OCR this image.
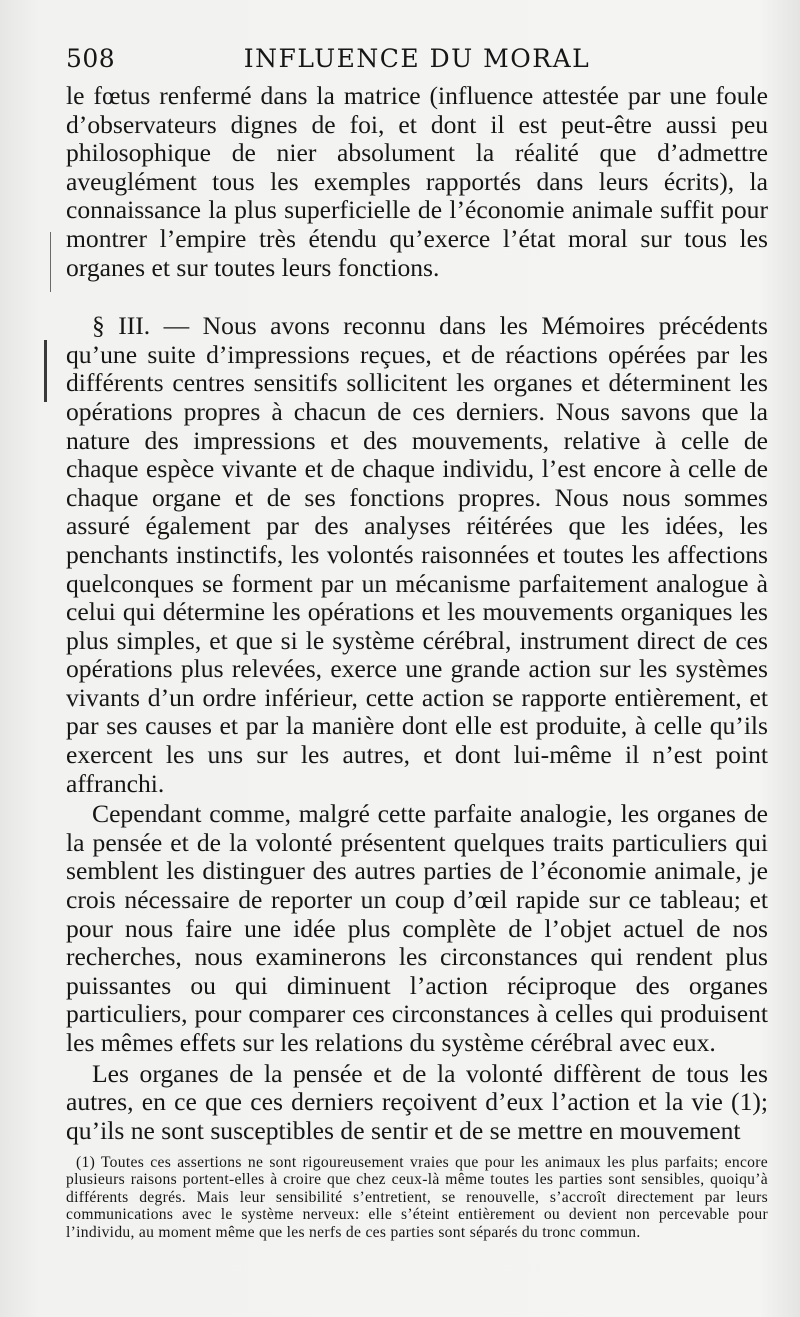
508	INFLUENCE DU MORAL

le fœtus renfermé dans la matrice (influence attestée par une foule d’observateurs dignes de foi, et dont il est peut-être aussi peu philosophique de nier absolument la réalité que d’admettre aveuglément tous les exemples rapportés dans leurs écrits), la connaissance la plus superficielle de l’économie animale suffit pour montrer l’empire très étendu qu’exerce l’état moral sur tous les organes et sur toutes leurs fonctions.

§ III. — Nous avons reconnu dans les Mémoires précédents qu’une suite d’impressions reçues, et de réactions opérées par les différents centres sensitifs sollicitent les organes et déterminent les opérations propres à chacun de ces derniers. Nous savons que la nature des impressions et des mouvements, relative à celle de chaque espèce vivante et de chaque individu, l’est encore à celle de chaque organe et de ses fonctions propres. Nous nous sommes assuré également par des analyses réitérées que les idées, les penchants instinctifs, les volontés raisonnées et toutes les affections quelconques se forment par un mécanisme parfaitement analogue à celui qui détermine les opérations et les mouvements organiques les plus simples, et que si le système cérébral, instrument direct de ces opérations plus relevées, exerce une grande action sur les systèmes vivants d’un ordre inférieur, cette action se rapporte entièrement, et par ses causes et par la manière dont elle est produite, à celle qu’ils exercent les uns sur les autres, et dont lui-même il n’est point affranchi.

Cependant comme, malgré cette parfaite analogie, les organes de la pensée et de la volonté présentent quelques traits particuliers qui semblent les distinguer des autres parties de l’économie animale, je crois nécessaire de reporter un coup d’œil rapide sur ce tableau; et pour nous faire une idée plus complète de l’objet actuel de nos recherches, nous examinerons les circonstances qui rendent plus puissantes ou qui diminuent l’action réciproque des organes particuliers, pour comparer ces circonstances à celles qui produisent les mêmes effets sur les relations du système cérébral avec eux.

Les organes de la pensée et de la volonté diffèrent de tous les autres, en ce que ces derniers reçoivent d’eux l’action et la vie (1); qu’ils ne sont susceptibles de sentir et de se mettre en mouvement

(1) Toutes ces assertions ne sont rigoureusement vraies que pour les animaux les plus parfaits; encore plusieurs raisons portent-elles à croire que chez ceux-là même toutes les parties sont sensibles, quoiqu’à différents degrés. Mais leur sensibilité s’entretient, se renouvelle, s’accroît directement par leurs communications avec le système nerveux: elle s’éteint entièrement ou devient non percevable pour l’individu, au moment même que les nerfs de ces parties sont séparés du tronc commun.
